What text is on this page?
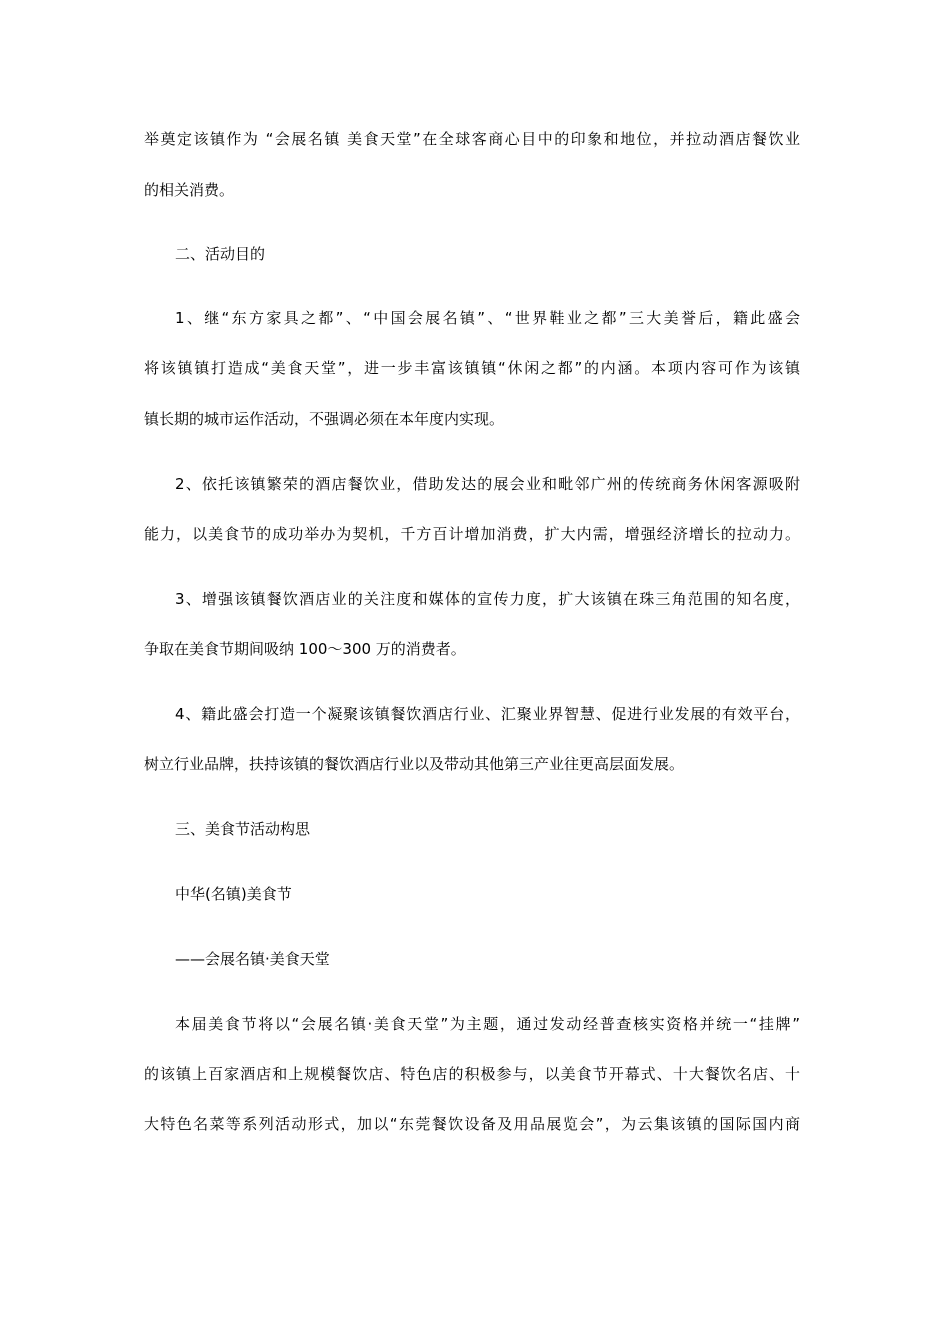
举奠定该镇作为 “会展名镇 美食天堂”在全球客商心目中的印象和地位，并拉动酒店餐饮业
的相关消费。
二、活动目的
1、继“东方家具之都”、“中国会展名镇”、“世界鞋业之都”三大美誉后，籍此盛会
将该镇镇打造成“美食天堂”，进一步丰富该镇镇“休闲之都”的内涵。本项内容可作为该镇
镇长期的城市运作活动，不强调必须在本年度内实现。
2、依托该镇繁荣的酒店餐饮业，借助发达的展会业和毗邻广州的传统商务休闲客源吸附
能力，以美食节的成功举办为契机，千方百计增加消费，扩大内需，增强经济增长的拉动力。
3、增强该镇餐饮酒店业的关注度和媒体的宣传力度，扩大该镇在珠三角范围的知名度，
争取在美食节期间吸纳 100～300 万的消费者。
4、籍此盛会打造一个凝聚该镇餐饮酒店行业、汇聚业界智慧、促进行业发展的有效平台，
树立行业品牌，扶持该镇的餐饮酒店行业以及带动其他第三产业往更高层面发展。
三、美食节活动构思
中华(名镇)美食节
——会展名镇·美食天堂
本届美食节将以“会展名镇·美食天堂”为主题，通过发动经普查核实资格并统一“挂牌”
的该镇上百家酒店和上规模餐饮店、特色店的积极参与，以美食节开幕式、十大餐饮名店、十
大特色名菜等系列活动形式，加以“东莞餐饮设备及用品展览会”，为云集该镇的国际国内商
